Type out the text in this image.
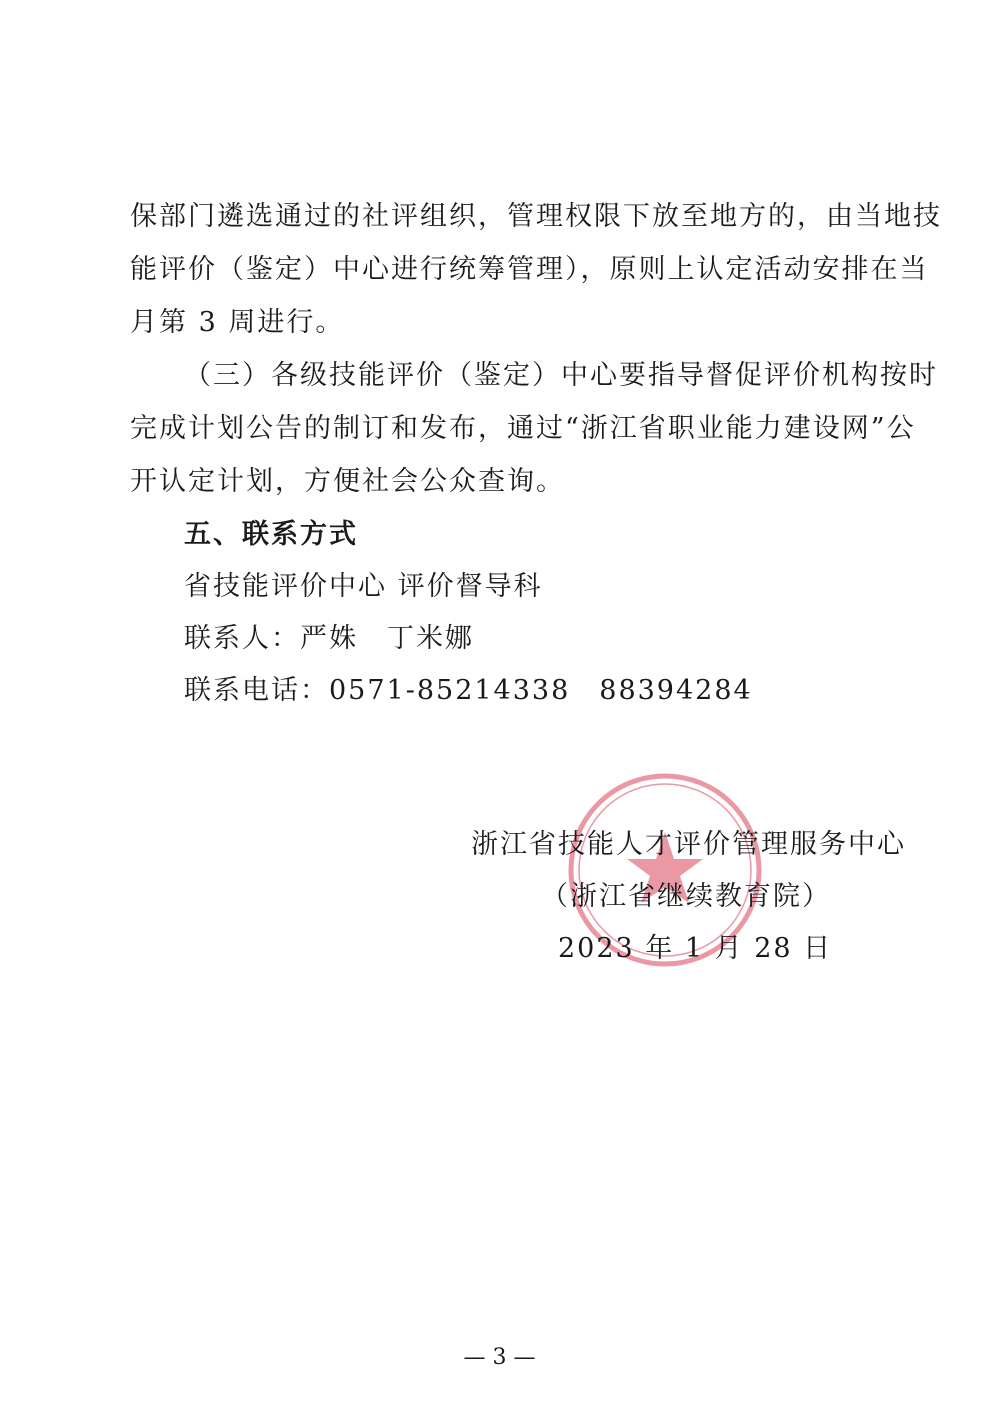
保部门遴选通过的社评组织，管理权限下放至地方的，由当地技
能评价（鉴定）中心进行统筹管理），原则上认定活动安排在当
月第 3 周进行。
（三）各级技能评价（鉴定）中心要指导督促评价机构按时
完成计划公告的制订和发布，通过“浙江省职业能力建设网”公
开认定计划，方便社会公众查询。
五、联系方式
省技能评价中心 评价督导科
联系人：严姝　丁米娜
联系电话：0571-85214338　88394284
浙江省技能人才评价管理服务中心
（浙江省继续教育院）
2023 年 1 月 28 日
— 3 —
